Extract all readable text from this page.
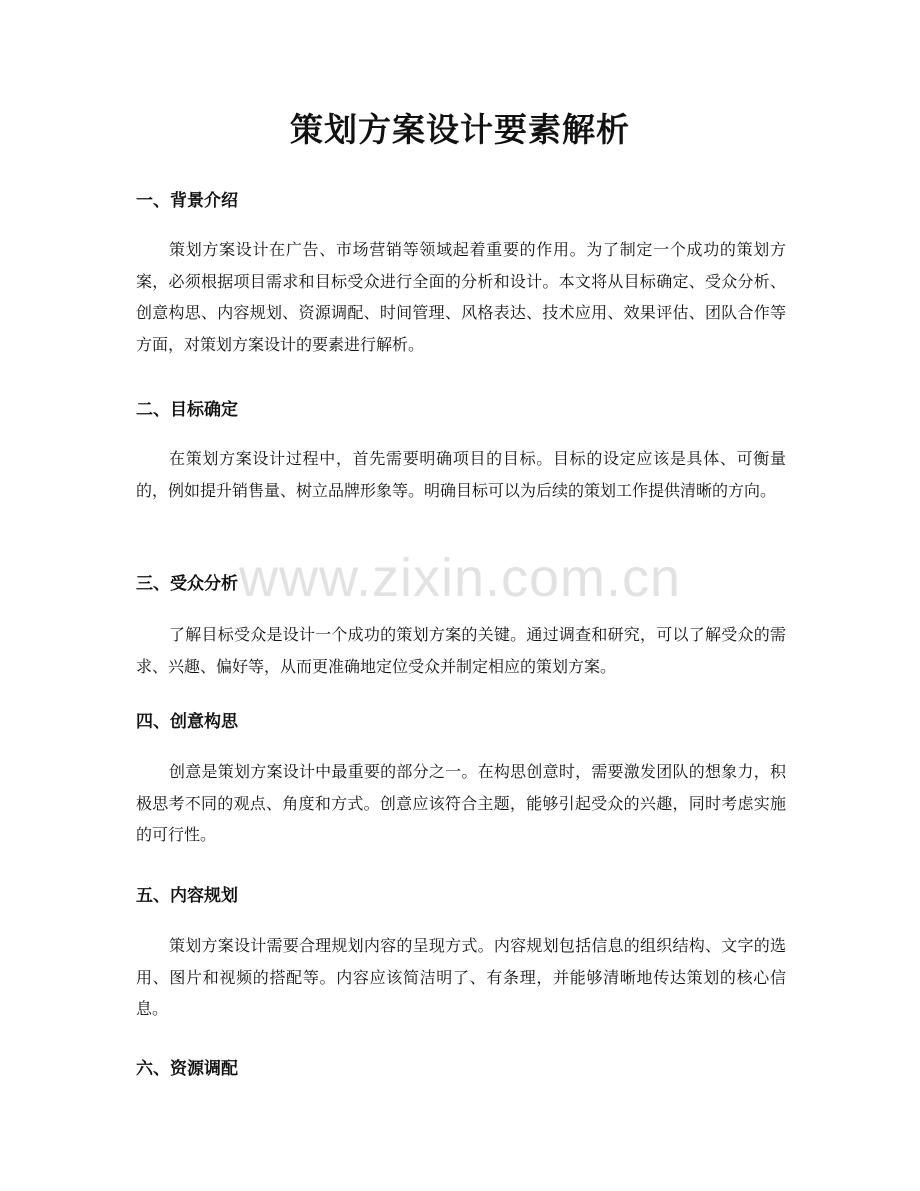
策划方案设计要素解析
一、背景介绍

策划方案设计在广告、市场营销等领域起着重要的作用。为了制定一个成功的策划方案，必须根据项目需求和目标受众进行全面的分析和设计。本文将从目标确定、受众分析、创意构思、内容规划、资源调配、时间管理、风格表达、技术应用、效果评估、团队合作等方面，对策划方案设计的要素进行解析。

二、目标确定

在策划方案设计过程中，首先需要明确项目的目标。目标的设定应该是具体、可衡量的，例如提升销售量、树立品牌形象等。明确目标可以为后续的策划工作提供清晰的方向。

三、受众分析

了解目标受众是设计一个成功的策划方案的关键。通过调查和研究，可以了解受众的需求、兴趣、偏好等，从而更准确地定位受众并制定相应的策划方案。

四、创意构思

创意是策划方案设计中最重要的部分之一。在构思创意时，需要激发团队的想象力，积极思考不同的观点、角度和方式。创意应该符合主题，能够引起受众的兴趣，同时考虑实施的可行性。

五、内容规划

策划方案设计需要合理规划内容的呈现方式。内容规划包括信息的组织结构、文字的选用、图片和视频的搭配等。内容应该简洁明了、有条理，并能够清晰地传达策划的核心信息。

六、资源调配
www.zixin.com.cn
